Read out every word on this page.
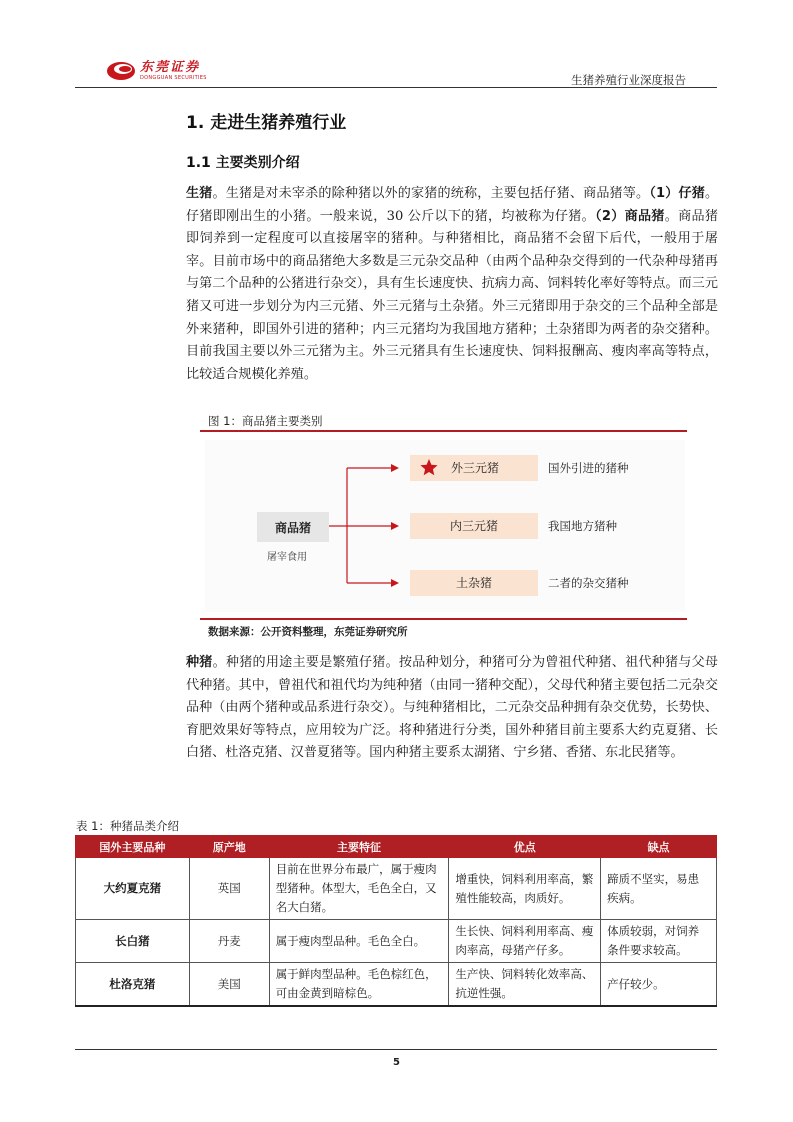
东莞证券
DONGGUAN SECURITIES	生猪养殖行业深度报告
1. 走进生猪养殖行业
1.1 主要类别介绍
生猪。生猪是对未宰杀的除种猪以外的家猪的统称，主要包括仔猪、商品猪等。（1）仔猪。仔猪即刚出生的小猪。一般来说，30 公斤以下的猪，均被称为仔猪。（2）商品猪。商品猪即饲养到一定程度可以直接屠宰的猪种。与种猪相比，商品猪不会留下后代，一般用于屠宰。目前市场中的商品猪绝大多数是三元杂交品种（由两个品种杂交得到的一代杂种母猪再与第二个品种的公猪进行杂交），具有生长速度快、抗病力高、饲料转化率好等特点。而三元猪又可进一步划分为内三元猪、外三元猪与土杂猪。外三元猪即用于杂交的三个品种全部是外来猪种，即国外引进的猪种；内三元猪均为我国地方猪种；土杂猪即为两者的杂交猪种。目前我国主要以外三元猪为主。外三元猪具有生长速度快、饲料报酬高、瘦肉率高等特点，比较适合规模化养殖。
图 1：商品猪主要类别
商品猪
屠宰食用
外三元猪	国外引进的猪种
内三元猪	我国地方猪种
土杂猪	二者的杂交猪种
数据来源：公开资料整理，东莞证券研究所
种猪。种猪的用途主要是繁殖仔猪。按品种划分，种猪可分为曾祖代种猪、祖代种猪与父母代种猪。其中，曾祖代和祖代均为纯种猪（由同一猪种交配），父母代种猪主要包括二元杂交品种（由两个猪种或品系进行杂交）。与纯种猪相比，二元杂交品种拥有杂交优势，长势快、育肥效果好等特点，应用较为广泛。将种猪进行分类，国外种猪目前主要系大约克夏猪、长白猪、杜洛克猪、汉普夏猪等。国内种猪主要系太湖猪、宁乡猪、香猪、东北民猪等。
表 1：种猪品类介绍
国外主要品种	原产地	主要特征	优点	缺点
大约夏克猪	英国	目前在世界分布最广，属于瘦肉型猪种。体型大，毛色全白，又名大白猪。	增重快，饲料利用率高，繁殖性能较高，肉质好。	蹄质不坚实，易患疾病。
长白猪	丹麦	属于瘦肉型品种。毛色全白。	生长快、饲料利用率高、瘦肉率高，母猪产仔多。	体质较弱，对饲养条件要求较高。
杜洛克猪	美国	属于鲜肉型品种。毛色棕红色，可由金黄到暗棕色。	生产快、饲料转化效率高、抗逆性强。	产仔较少。
5
